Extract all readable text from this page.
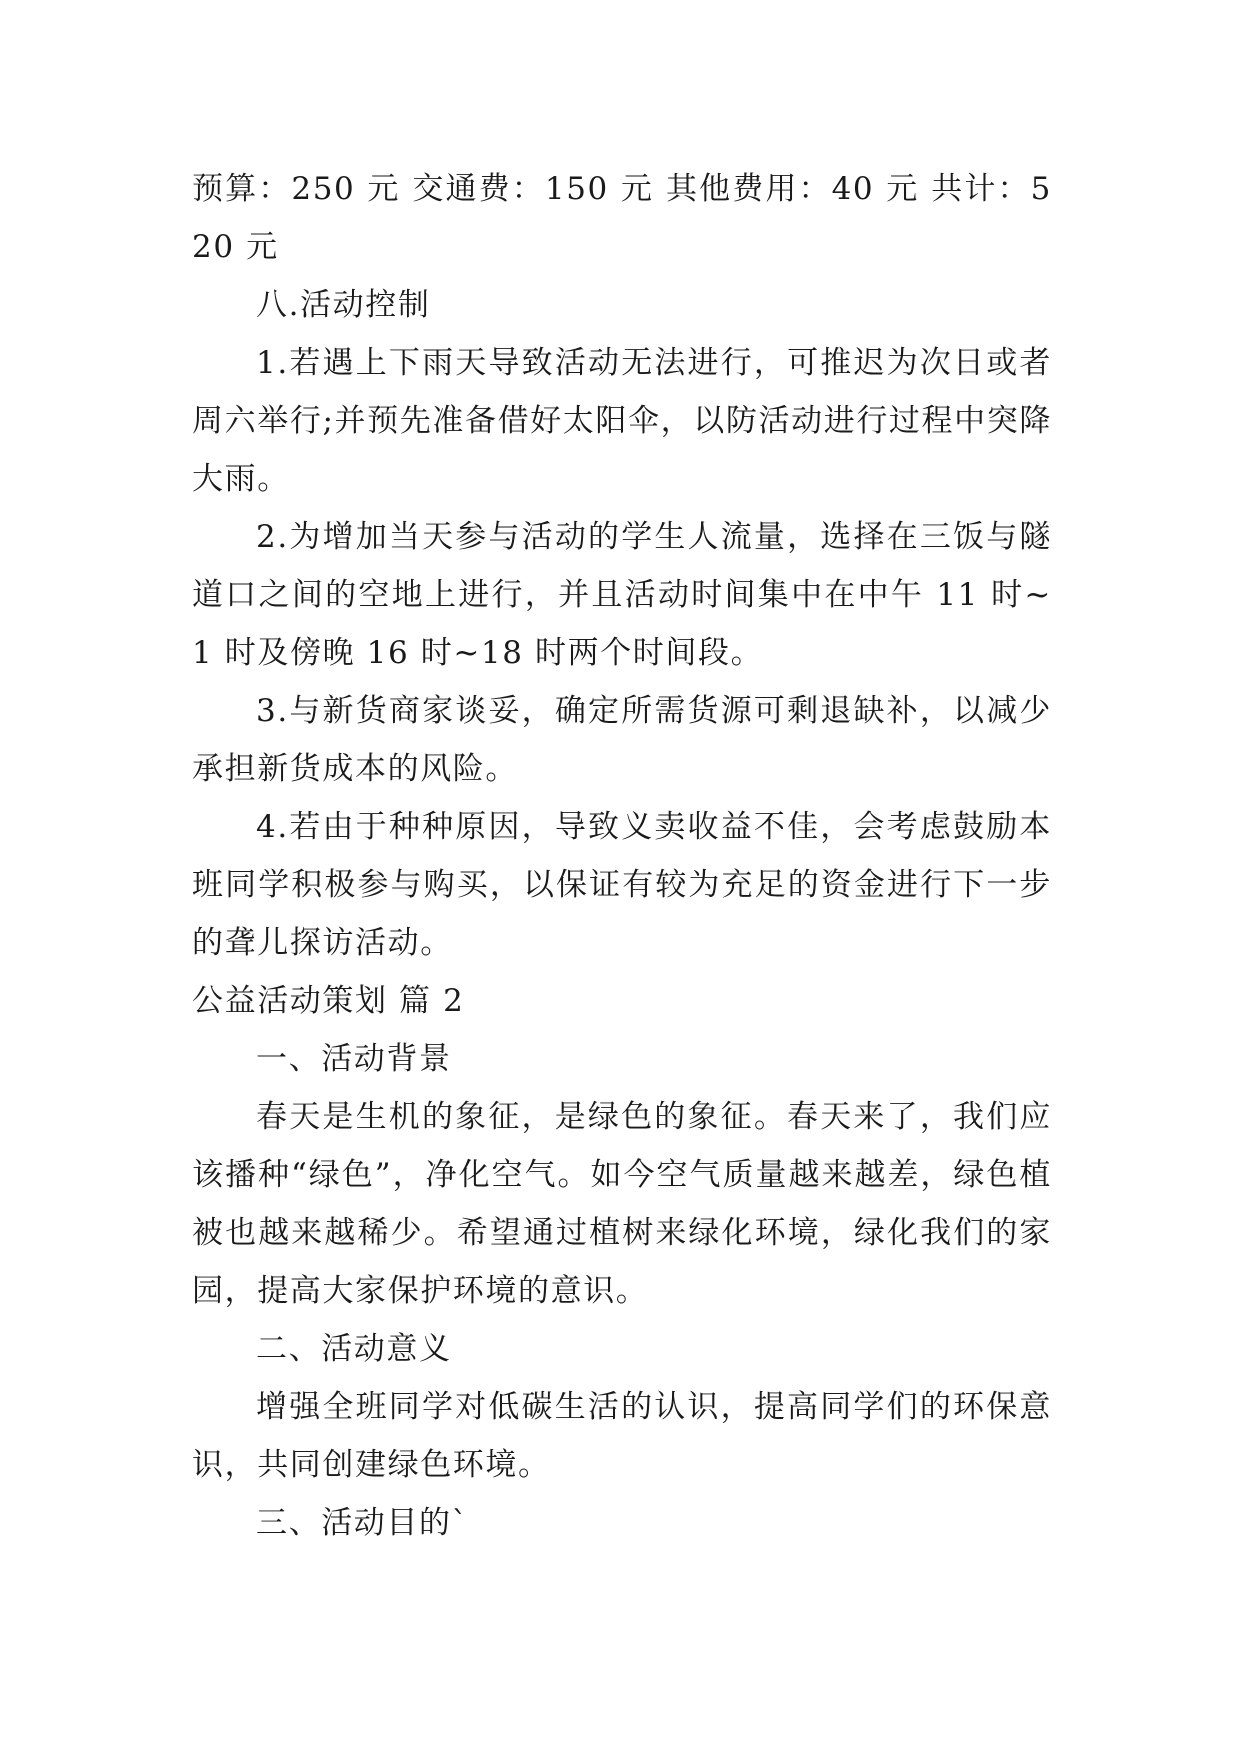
预算：250 元 交通费：150 元 其他费用：40 元 共计：520 元

八.活动控制

1.若遇上下雨天导致活动无法进行，可推迟为次日或者周六举行;并预先准备借好太阳伞，以防活动进行过程中突降大雨。

2.为增加当天参与活动的学生人流量，选择在三饭与隧道口之间的空地上进行，并且活动时间集中在中午 11 时~1 时及傍晚 16 时~18 时两个时间段。

3.与新货商家谈妥，确定所需货源可剩退缺补，以减少承担新货成本的风险。

4.若由于种种原因，导致义卖收益不佳，会考虑鼓励本班同学积极参与购买，以保证有较为充足的资金进行下一步的聋儿探访活动。

公益活动策划 篇 2

一、活动背景

春天是生机的象征，是绿色的象征。春天来了，我们应该播种“绿色”，净化空气。如今空气质量越来越差，绿色植被也越来越稀少。希望通过植树来绿化环境，绿化我们的家园，提高大家保护环境的意识。

二、活动意义

增强全班同学对低碳生活的认识，提高同学们的环保意识，共同创建绿色环境。

三、活动目的`
